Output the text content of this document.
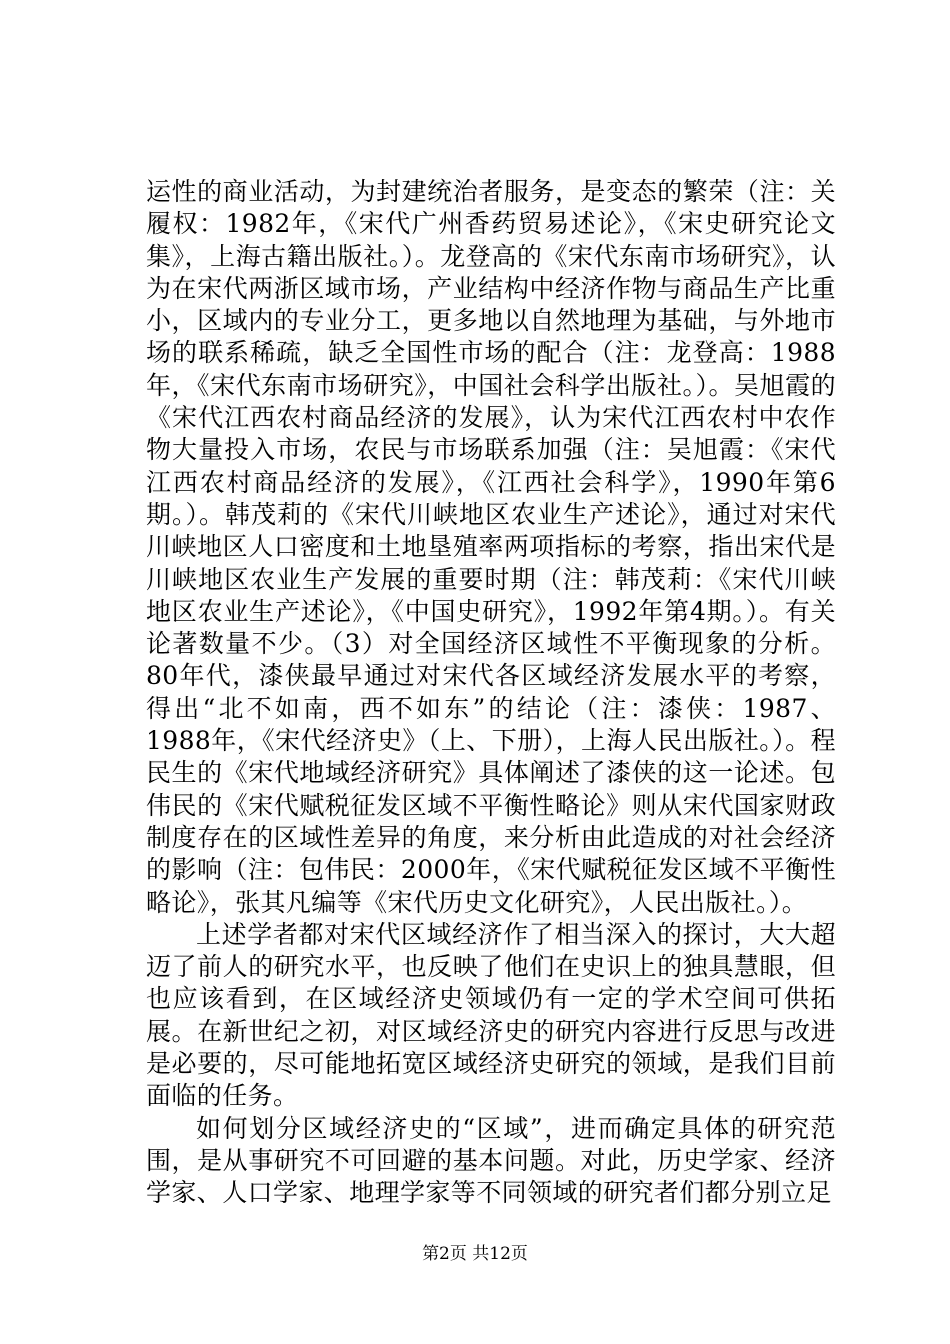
运性的商业活动，为封建统治者服务，是变态的繁荣（注：关履权：1982年，《宋代广州香药贸易述论》，《宋史研究论文集》，上海古籍出版社。）。龙登高的《宋代东南市场研究》，认为在宋代两浙区域市场，产业结构中经济作物与商品生产比重小，区域内的专业分工，更多地以自然地理为基础，与外地市场的联系稀疏，缺乏全国性市场的配合（注：龙登高：1988年，《宋代东南市场研究》，中国社会科学出版社。）。吴旭霞的《宋代江西农村商品经济的发展》，认为宋代江西农村中农作物大量投入市场，农民与市场联系加强（注：吴旭霞：《宋代江西农村商品经济的发展》，《江西社会科学》，1990年第6期。）。韩茂莉的《宋代川峡地区农业生产述论》，通过对宋代川峡地区人口密度和土地垦殖率两项指标的考察，指出宋代是川峡地区农业生产发展的重要时期（注：韩茂莉：《宋代川峡地区农业生产述论》，《中国史研究》，1992年第4期。）。有关论著数量不少。（3）对全国经济区域性不平衡现象的分析。80年代，漆侠最早通过对宋代各区域经济发展水平的考察，得出“北不如南，西不如东”的结论（注：漆侠：1987、1988年，《宋代经济史》（上、下册），上海人民出版社。）。程民生的《宋代地域经济研究》具体阐述了漆侠的这一论述。包伟民的《宋代赋税征发区域不平衡性略论》则从宋代国家财政制度存在的区域性差异的角度，来分析由此造成的对社会经济的影响（注：包伟民：2000年，《宋代赋税征发区域不平衡性略论》，张其凡编等《宋代历史文化研究》，人民出版社。）。

上述学者都对宋代区域经济作了相当深入的探讨，大大超迈了前人的研究水平，也反映了他们在史识上的独具慧眼，但也应该看到，在区域经济史领域仍有一定的学术空间可供拓展。在新世纪之初，对区域经济史的研究内容进行反思与改进是必要的，尽可能地拓宽区域经济史研究的领域，是我们目前面临的任务。

如何划分区域经济史的“区域”，进而确定具体的研究范围，是从事研究不可回避的基本问题。对此，历史学家、经济学家、人口学家、地理学家等不同领域的研究者们都分别立足

第2页 共12页
